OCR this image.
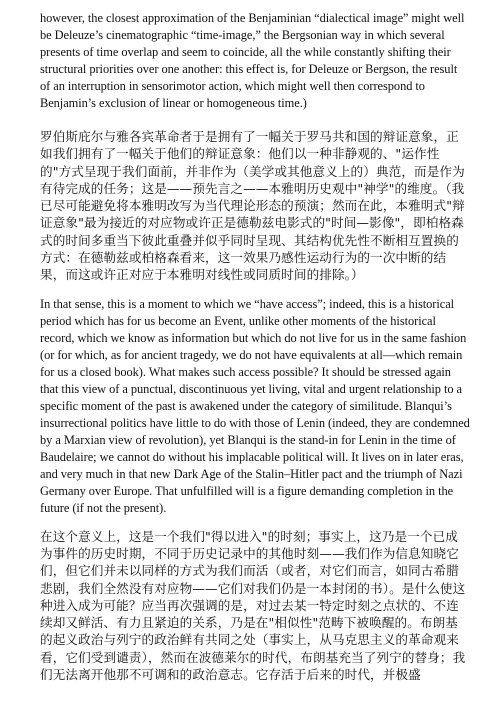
however, the closest approximation of the Benjaminian “dialectical image” might well be Deleuze’s cinematographic “time-image,” the Bergsonian way in which several presents of time overlap and seem to coincide, all the while constantly shifting their structural priorities over one another: this effect is, for Deleuze or Bergson, the result of an interruption in sensorimotor action, which might well then correspond to Benjamin’s exclusion of linear or homogeneous time.)

罗伯斯庇尔与雅各宾革命者于是拥有了一幅关于罗马共和国的辩证意象，正如我们拥有了一幅关于他们的辩证意象：他们以一种非静观的、"运作性的"方式呈现于我们面前，并非作为（美学或其他意义上的）典范，而是作为有待完成的任务；这是——预先言之——本雅明历史观中"神学"的维度。（我已尽可能避免将本雅明改写为当代理论形态的预演；然而在此，本雅明式"辩证意象"最为接近的对应物或许正是德勒兹电影式的"时间—影像"，即柏格森式的时间多重当下彼此重叠并似乎同时呈现、其结构优先性不断相互置换的方式：在德勒兹或柏格森看来，这一效果乃感性运动行为的一次中断的结果，而这或许正对应于本雅明对线性或同质时间的排除。）

In that sense, this is a moment to which we “have access”; indeed, this is a historical period which has for us become an Event, unlike other moments of the historical record, which we know as information but which do not live for us in the same fashion (or for which, as for ancient tragedy, we do not have equivalents at all—which remain for us a closed book). What makes such access possible? It should be stressed again that this view of a punctual, discontinuous yet living, vital and urgent relationship to a specific moment of the past is awakened under the category of similitude. Blanqui’s insurrectional politics have little to do with those of Lenin (indeed, they are condemned by a Marxian view of revolution), yet Blanqui is the stand-in for Lenin in the time of Baudelaire; we cannot do without his implacable political will. It lives on in later eras, and very much in that new Dark Age of the Stalin–Hitler pact and the triumph of Nazi Germany over Europe. That unfulfilled will is a figure demanding completion in the future (if not the present).

在这个意义上，这是一个我们"得以进入"的时刻；事实上，这乃是一个已成为事件的历史时期，不同于历史记录中的其他时刻——我们作为信息知晓它们，但它们并未以同样的方式为我们而活（或者，对它们而言，如同古希腊悲剧，我们全然没有对应物——它们对我们仍是一本封闭的书）。是什么使这种进入成为可能？应当再次强调的是，对过去某一特定时刻之点状的、不连续却又鲜活、有力且紧迫的关系，乃是在"相似性"范畴下被唤醒的。布朗基的起义政治与列宁的政治鲜有共同之处（事实上，从马克思主义的革命观来看，它们受到谴责），然而在波德莱尔的时代，布朗基充当了列宁的替身；我们无法离开他那不可调和的政治意志。它存活于后来的时代，并极盛
